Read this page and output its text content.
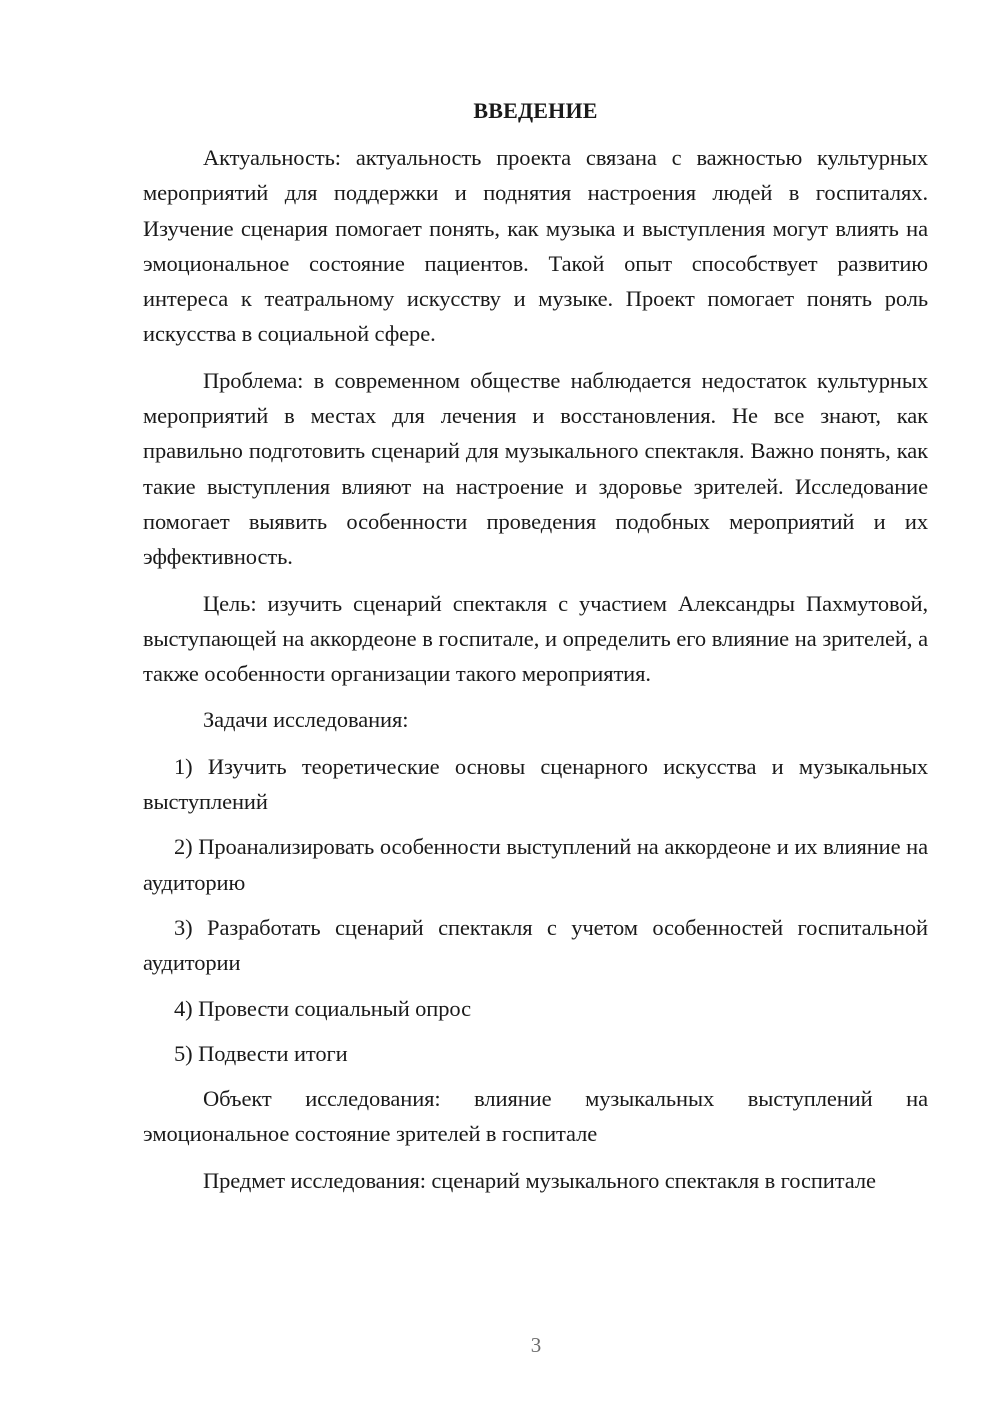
ВВЕДЕНИЕ

Актуальность: актуальность проекта связана с важностью культурных мероприятий для поддержки и поднятия настроения людей в госпиталях. Изучение сценария помогает понять, как музыка и выступления могут влиять на эмоциональное состояние пациентов. Такой опыт способствует развитию интереса к театральному искусству и музыке. Проект помогает понять роль искусства в социальной сфере.

Проблема: в современном обществе наблюдается недостаток культурных мероприятий в местах для лечения и восстановления. Не все знают, как правильно подготовить сценарий для музыкального спектакля. Важно понять, как такие выступления влияют на настроение и здоровье зрителей. Исследование помогает выявить особенности проведения подобных мероприятий и их эффективность.

Цель: изучить сценарий спектакля с участием Александры Пахмутовой, выступающей на аккордеоне в госпитале, и определить его влияние на зрителей, а также особенности организации такого мероприятия.

Задачи исследования:

1) Изучить теоретические основы сценарного искусства и музыкальных выступлений

2) Проанализировать особенности выступлений на аккордеоне и их влияние на аудиторию

3) Разработать сценарий спектакля с учетом особенностей госпитальной аудитории

4) Провести социальный опрос

5) Подвести итоги

Объект исследования: влияние музыкальных выступлений на эмоциональное состояние зрителей в госпитале

Предмет исследования: сценарий музыкального спектакля в госпитале

3
